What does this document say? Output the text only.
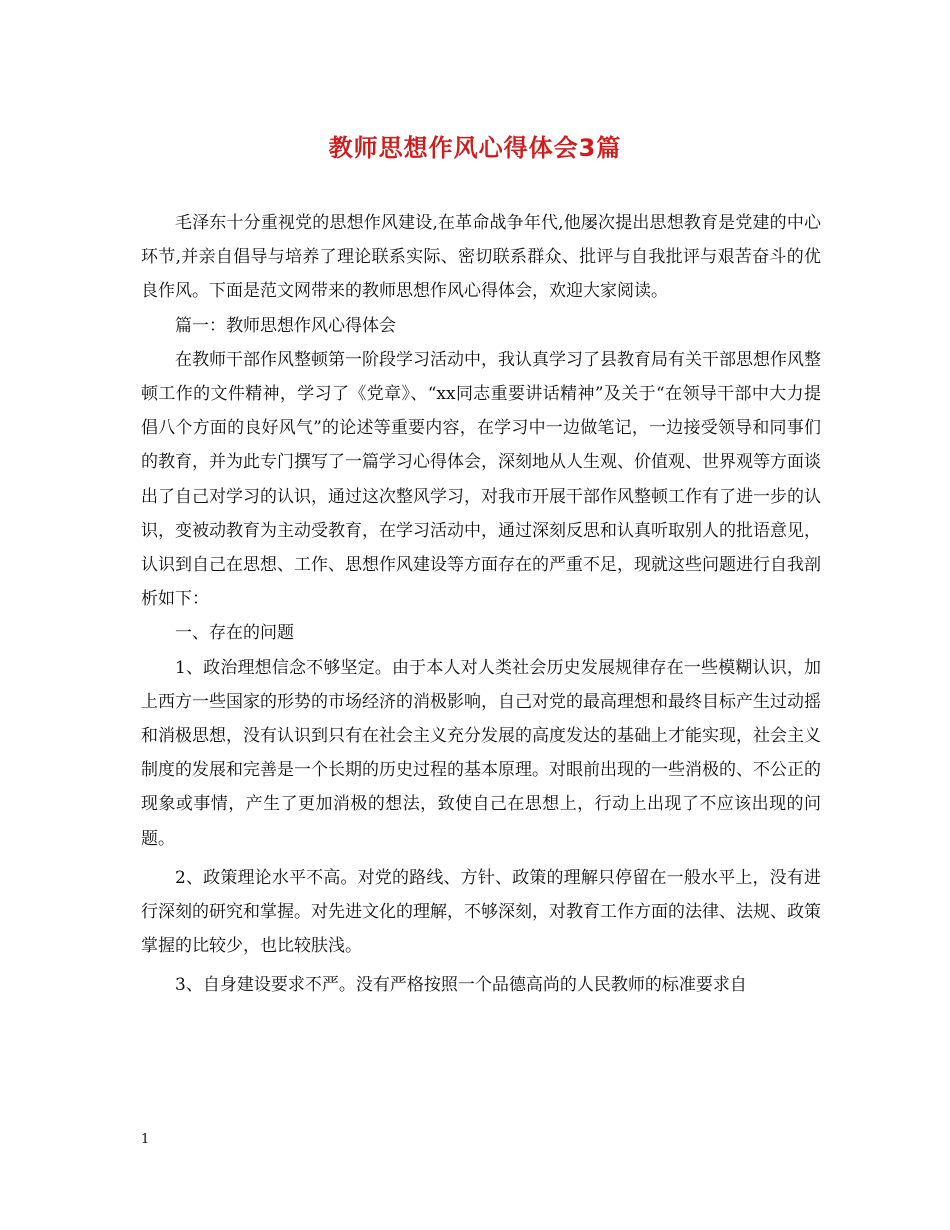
教师思想作风心得体会3篇

毛泽东十分重视党的思想作风建设,在革命战争年代,他屡次提出思想教育是党建的中心环节,并亲自倡导与培养了理论联系实际、密切联系群众、批评与自我批评与艰苦奋斗的优良作风。下面是范文网带来的教师思想作风心得体会，欢迎大家阅读。

篇一：教师思想作风心得体会

在教师干部作风整顿第一阶段学习活动中，我认真学习了县教育局有关干部思想作风整顿工作的文件精神，学习了《党章》、“xx同志重要讲话精神”及关于“在领导干部中大力提倡八个方面的良好风气”的论述等重要内容，在学习中一边做笔记，一边接受领导和同事们的教育，并为此专门撰写了一篇学习心得体会，深刻地从人生观、价值观、世界观等方面谈出了自己对学习的认识，通过这次整风学习，对我市开展干部作风整顿工作有了进一步的认识，变被动教育为主动受教育，在学习活动中，通过深刻反思和认真听取别人的批语意见，认识到自己在思想、工作、思想作风建设等方面存在的严重不足，现就这些问题进行自我剖析如下：

一、存在的问题

1、政治理想信念不够坚定。由于本人对人类社会历史发展规律存在一些模糊认识，加上西方一些国家的形势的市场经济的消极影响，自己对党的最高理想和最终目标产生过动摇和消极思想，没有认识到只有在社会主义充分发展的高度发达的基础上才能实现，社会主义制度的发展和完善是一个长期的历史过程的基本原理。对眼前出现的一些消极的、不公正的现象或事情，产生了更加消极的想法，致使自己在思想上，行动上出现了不应该出现的问题。

2、政策理论水平不高。对党的路线、方针、政策的理解只停留在一般水平上，没有进行深刻的研究和掌握。对先进文化的理解，不够深刻，对教育工作方面的法律、法规、政策掌握的比较少，也比较肤浅。

3、自身建设要求不严。没有严格按照一个品德高尚的人民教师的标准要求自

1
